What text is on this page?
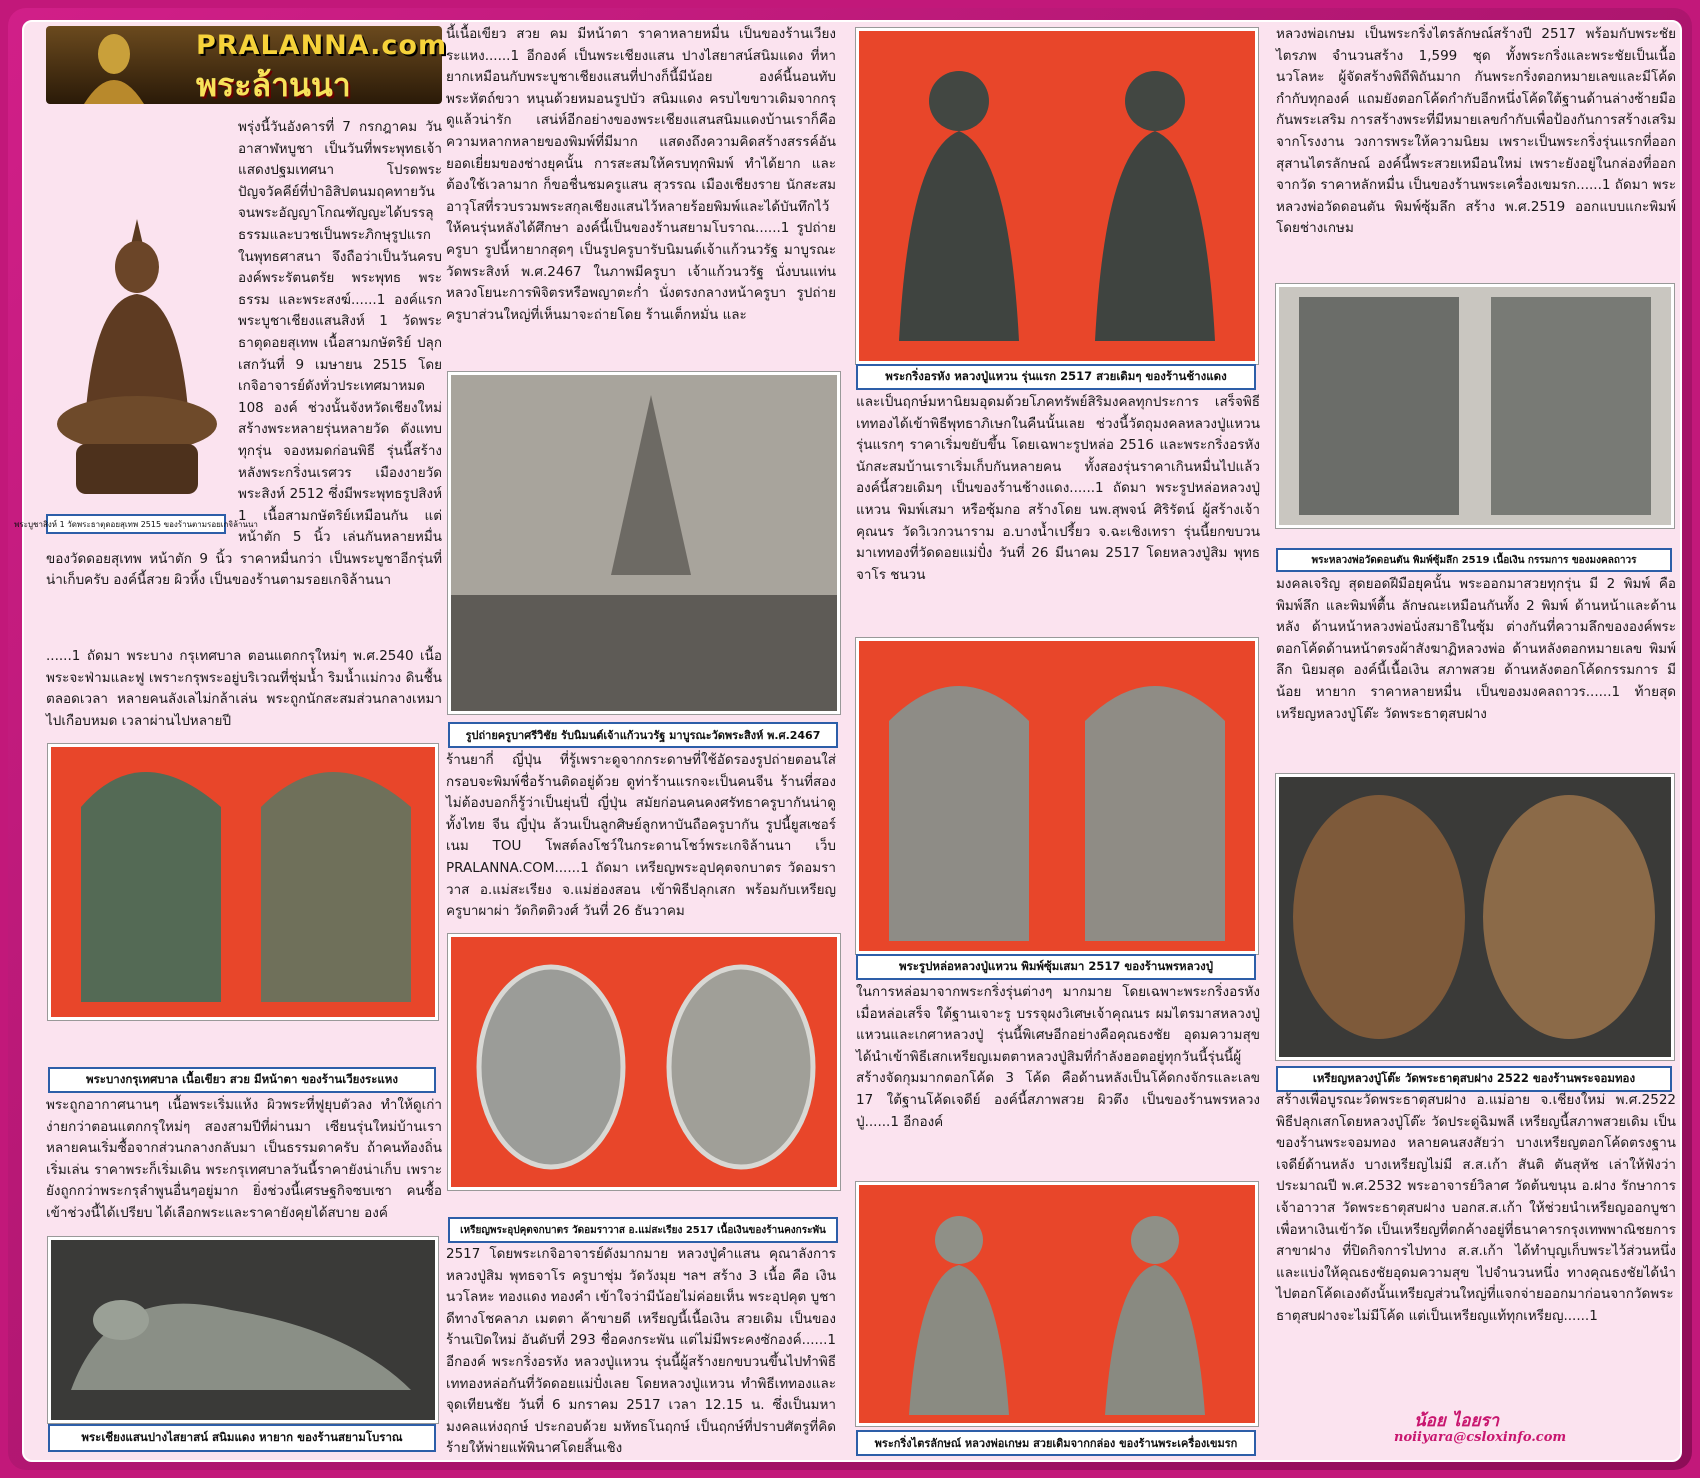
PRALANNA.com
พระล้านนา
พระบูชาสิงห์ 1 วัดพระธาตุดอยสุเทพ 2515 ของร้านตามรอยเกจิล้านนา

พรุ่งนี้วันอังคารที่ 7 กรกฎาคม วันอาสาฬหบูชา เป็นวันที่พระพุทธเจ้าแสดงปฐมเทศนา โปรดพระปัญจวัคคีย์ที่ป่าอิสิปตนมฤคทายวัน จนพระอัญญาโกณฑัญญะได้บรรลุธรรมและบวชเป็นพระภิกษุรูปแรกในพุทธศาสนา จึงถือว่าเป็นวันครบองค์พระรัตนตรัย พระพุทธ พระธรรม และพระสงฆ์......1 องค์แรก พระบูชาเชียงแสนสิงห์ 1 วัดพระธาตุดอยสุเทพ เนื้อสามกษัตริย์ ปลุกเสกวันที่ 9 เมษายน 2515 โดยเกจิอาจารย์ดังทั่วประเทศมาหมด 108 องค์ ช่วงนั้นจังหวัดเชียงใหม่สร้างพระหลายรุ่นหลายวัด ดังแทบทุกรุ่น จองหมดก่อนพิธี รุ่นนี้สร้างหลังพระกริ่งนเรศวร เมืองงายวัดพระสิงห์ 2512 ซึ่งมีพระพุทธรูปสิงห์ 1 เนื้อสามกษัตริย์เหมือนกัน แต่หน้าตัก 5 นิ้ว เล่นกันหลายหมื่น ของวัดดอยสุเทพ หน้าตัก 9 นิ้ว ราคาหมื่นกว่า เป็นพระบูชาอีกรุ่นที่น่าเก็บครับ องค์นี้สวย ผิวหิ้ง เป็นของร้านตามรอยเกจิล้านนา

......1 ถัดมา พระบาง กรุเทศบาล ตอนแตกกรุใหม่ๆ พ.ศ.2540 เนื้อพระจะฟ่ามและฟู เพราะกรุพระอยู่บริเวณที่ชุ่มน้ำ ริมน้ำแม่กวง ดินชื้นตลอดเวลา หลายคนลังเลไม่กล้าเล่น พระถูกนักสะสมส่วนกลางเหมาไปเกือบหมด เวลาผ่านไปหลายปี

พระบางกรุเทศบาล เนื้อเขียว สวย มีหน้าตา ของร้านเวียงระแหง

พระถูกอากาศนานๆ เนื้อพระเริ่มแห้ง ผิวพระที่ฟูยุบตัวลง ทำให้ดูเก่าง่ายกว่าตอนแตกกรุใหม่ๆ สองสามปีที่ผ่านมา เซียนรุ่นใหม่บ้านเราหลายคนเริ่มซื้อจากส่วนกลางกลับมา เป็นธรรมดาครับ ถ้าคนท้องถิ่นเริ่มเล่น ราคาพระก็เริ่มเดิน พระกรุเทศบาลวันนี้ราคายังน่าเก็บ เพราะยังถูกกว่าพระกรุลำพูนอื่นๆอยู่มาก ยิ่งช่วงนี้เศรษฐกิจซบเซา คนซื้อเข้าช่วงนี้ได้เปรียบ ได้เลือกพระและราคายังคุยได้สบาย องค์

พระเชียงแสนปางไสยาสน์ สนิมแดง หายาก ของร้านสยามโบราณ

นี้เนื้อเขียว สวย คม มีหน้าตา ราคาหลายหมื่น เป็นของร้านเวียงระแหง......1 อีกองค์ เป็นพระเชียงแสน ปางไสยาสน์สนิมแดง ที่หายากเหมือนกับพระบูชาเชียงแสนที่ปางก็นี้มีน้อย องค์นี้นอนทับพระหัตถ์ขวา หนุนด้วยหมอนรูปบัว สนิมแดง ครบไขขาวเดิมจากกรุ ดูแล้วน่ารัก เสน่ห์อีกอย่างของพระเชียงแสนสนิมแดงบ้านเราก็คือ ความหลากหลายของพิมพ์ที่มีมาก แสดงถึงความคิดสร้างสรรค์อันยอดเยี่ยมของช่างยุคนั้น การสะสมให้ครบทุกพิมพ์ ทำได้ยาก และต้องใช้เวลามาก ก็ขอชื่นชมครูแสน สุวรรณ เมืองเชียงราย นักสะสมอาวุโสที่รวบรวมพระสกุลเชียงแสนไว้หลายร้อยพิมพ์และได้บันทึกไว้ให้คนรุ่นหลังได้ศึกษา องค์นี้เป็นของร้านสยามโบราณ......1 รูปถ่ายครูบา รูปนี้หายากสุดๆ เป็นรูปครูบารับนิมนต์เจ้าแก้วนวรัฐ มาบูรณะวัดพระสิงห์ พ.ศ.2467 ในภาพมีครูบา เจ้าแก้วนวรัฐ นั่งบนแท่น หลวงโยนะการพิจิตรหรือพญาตะก่ำ นั่งตรงกลางหน้าครูบา รูปถ่ายครูบาส่วนใหญ่ที่เห็นมาจะถ่ายโดย ร้านเต็กหมั่น และ

รูปถ่ายครูบาศรีวิชัย รับนิมนต์เจ้าแก้วนวรัฐ มาบูรณะวัดพระสิงห์ พ.ศ.2467

ร้านยากี่ ญี่ปุ่น ที่รู้เพราะดูจากกระดาษที่ใช้อัดรองรูปถ่ายตอนใส่กรอบจะพิมพ์ชื่อร้านติดอยู่ด้วย ดูท่าร้านแรกจะเป็นคนจีน ร้านที่สองไม่ต้องบอกก็รู้ว่าเป็นยุ่นปี่ ญี่ปุ่น สมัยก่อนคนคงศรัทธาครูบากันน่าดู ทั้งไทย จีน ญี่ปุ่น ล้วนเป็นลูกศิษย์ลูกหาบันถือครูบากัน รูปนี้ยูสเซอร์เนม TOU โพสต์ลงโชว์ในกระดานโชว์พระเกจิล้านนา เว็บ PRALANNA.COM......1 ถัดมา เหรียญพระอุปคุตจกบาตร วัดอมราวาส อ.แม่สะเรียง จ.แม่ฮ่องสอน เข้าพิธีปลุกเสก พร้อมกับเหรียญครูบาผาผ่า วัดกิตติวงศ์ วันที่ 26 ธันวาคม

เหรียญพระอุปคุตจกบาตร วัดอมราวาส อ.แม่สะเรียง 2517 เนื้อเงินของร้านคงกระพัน

2517 โดยพระเกจิอาจารย์ดังมากมาย หลวงปู่คำแสน คุณาลังการ หลวงปู่สิม พุทธจาโร ครูบาชุ่ม วัดวังมุย ฯลฯ สร้าง 3 เนื้อ คือ เงิน นวโลหะ ทองแดง ทองคำ เข้าใจว่ามีน้อยไม่ค่อยเห็น พระอุปคุต บูชาดีทางโชคลาภ เมตตา ค้าขายดี เหรียญนี้เนื้อเงิน สวยเดิม เป็นของร้านเปิดใหม่ อันดับที่ 293 ชื่อคงกระพัน แต่ไม่มีพระคงซักองค์......1 อีกองค์ พระกริ่งอรหัง หลวงปู่แหวน รุ่นนี้ผู้สร้างยกขบวนขึ้นไปทำพิธีเททองหล่อกันที่วัดดอยแม่ปั๋งเลย โดยหลวงปู่แหวน ทำพิธีเททองและจุดเทียนชัย วันที่ 6 มกราคม 2517 เวลา 12.15 น. ซึ่งเป็นมหามงคลแห่งฤกษ์ ประกอบด้วย มหัทธโนฤกษ์ เป็นฤกษ์ที่ปราบศัตรูที่คิดร้ายให้พ่ายแพ้พินาศโดยสิ้นเชิง

พระกริ่งอรหัง หลวงปู่แหวน รุ่นแรก 2517 สวยเดิมๆ ของร้านช้างแดง

และเป็นฤกษ์มหานิยมอุดมด้วยโภคทรัพย์สิริมงคลทุกประการ เสร็จพิธีเททองได้เข้าพิธีพุทธาภิเษกในคืนนั้นเลย ช่วงนี้วัตถุมงคลหลวงปู่แหวนรุ่นแรกๆ ราคาเริ่มขยับขึ้น โดยเฉพาะรูปหล่อ 2516 และพระกริ่งอรหัง นักสะสมบ้านเราเริ่มเก็บกันหลายคน ทั้งสองรุ่นราคาเกินหมื่นไปแล้ว องค์นี้สวยเดิมๆ เป็นของร้านช้างแดง......1 ถัดมา พระรูปหล่อหลวงปู่แหวน พิมพ์เสมา หรือซุ้มกอ สร้างโดย นพ.สุพจน์ ศิริรัตน์ ผู้สร้างเจ้าคุณนร วัดวิเวกวนาราม อ.บางน้ำเปรี้ยว จ.ฉะเชิงเทรา รุ่นนี้ยกขบวนมาเททองที่วัดดอยแม่ปั๋ง วันที่ 26 มีนาคม 2517 โดยหลวงปู่สิม พุทธจาโร ชนวน

พระรูปหล่อหลวงปู่แหวน พิมพ์ซุ้มเสมา 2517 ของร้านพรหลวงปู่

ในการหล่อมาจากพระกริ่งรุ่นต่างๆ มากมาย โดยเฉพาะพระกริ่งอรหัง เมื่อหล่อเสร็จ ใต้ฐานเจาะรู บรรจุผงวิเศษเจ้าคุณนร ผมไตรมาสหลวงปู่แหวนและเกศาหลวงปู่ รุ่นนี้พิเศษอีกอย่างคือคุณธงชัย อุดมความสุข ได้นำเข้าพิธีเสกเหรียญเมตตาหลวงปู่สิมที่กำลังฮอตอยู่ทุกวันนี้รุ่นนี้ผู้สร้างจัดกุมมากตอกโค้ด 3 โค้ด คือด้านหลังเป็นโค้ดกงจักรและเลข 17 ใต้ฐานโค้ดเจดีย์ องค์นี้สภาพสวย ผิวตึง เป็นของร้านพรหลวงปู่......1 อีกองค์

พระกริ่งไตรลักษณ์ หลวงพ่อเกษม สวยเดิมจากกล่อง ของร้านพระเครื่องเขมรก

หลวงพ่อเกษม เป็นพระกริ่งไตรลักษณ์สร้างปี 2517 พร้อมกับพระชัยไตรภพ จำนวนสร้าง 1,599 ชุด ทั้งพระกริ่งและพระชัยเป็นเนื้อนวโลหะ ผู้จัดสร้างพิถีพิถันมาก กันพระกริ่งตอกหมายเลขและมีโค้ดกำกับทุกองค์ แถมยังตอกโค้ดกำกับอีกหนึ่งโค้ดใต้ฐานด้านล่างซ้ายมือ กันพระเสริม การสร้างพระที่มีหมายเลขกำกับเพื่อป้องกันการสร้างเสริมจากโรงงาน วงการพระให้ความนิยม เพราะเป็นพระกริ่งรุ่นแรกที่ออกสุสานไตรลักษณ์ องค์นี้พระสวยเหมือนใหม่ เพราะยังอยู่ในกล่องที่ออกจากวัด ราคาหลักหมื่น เป็นของร้านพระเครื่องเขมรก......1 ถัดมา พระหลวงพ่อวัดดอนตัน พิมพ์ซุ้มลึก สร้าง พ.ศ.2519 ออกแบบแกะพิมพ์ โดยช่างเกษม

พระหลวงพ่อวัดดอนตัน พิมพ์ซุ้มลึก 2519 เนื้อเงิน กรรมการ ของมงคลถาวร

มงคลเจริญ สุดยอดฝีมือยุคนั้น พระออกมาสวยทุกรุ่น มี 2 พิมพ์ คือ พิมพ์ลึก และพิมพ์ตื้น ลักษณะเหมือนกันทั้ง 2 พิมพ์ ด้านหน้าและด้านหลัง ด้านหน้าหลวงพ่อนั่งสมาธิในซุ้ม ต่างกันที่ความลึกขององค์พระ ตอกโค้ดด้านหน้าตรงผ้าสังฆาฏิหลวงพ่อ ด้านหลังตอกหมายเลข พิมพ์ลึก นิยมสุด องค์นี้เนื้อเงิน สภาพสวย ด้านหลังตอกโค้ดกรรมการ มีน้อย หายาก ราคาหลายหมื่น เป็นของมงคลถาวร......1 ท้ายสุด เหรียญหลวงปู่โต๊ะ วัดพระธาตุสบฝาง

เหรียญหลวงปู่โต๊ะ วัดพระธาตุสบฝาง 2522 ของร้านพระจอมทอง

สร้างเพื่อบูรณะวัดพระธาตุสบฝาง อ.แม่อาย จ.เชียงใหม่ พ.ศ.2522 พิธีปลุกเสกโดยหลวงปู่โต๊ะ วัดประดู่ฉิมพลี เหรียญนี้สภาพสวยเดิม เป็นของร้านพระจอมทอง หลายคนสงสัยว่า บางเหรียญตอกโค้ดตรงฐานเจดีย์ด้านหลัง บางเหรียญไม่มี ส.ส.เก้า สันติ ตันสุหัช เล่าให้ฟังว่า ประมาณปี พ.ศ.2532 พระอาจารย์วิลาศ วัดต้นขนุน อ.ฝาง รักษาการเจ้าอาวาส วัดพระธาตุสบฝาง บอกส.ส.เก้า ให้ช่วยนำเหรียญออกบูชา เพื่อหาเงินเข้าวัด เป็นเหรียญที่ตกค้างอยู่ที่ธนาคารกรุงเทพพาณิชยการ สาขาฝาง ที่ปิดกิจการไปทาง ส.ส.เก้า ได้ทำบุญเก็บพระไว้ส่วนหนึ่งและแบ่งให้คุณธงชัยอุดมความสุข ไปจำนวนหนึ่ง ทางคุณธงชัยได้นำไปตอกโค้ดเองดังนั้นเหรียญส่วนใหญ่ที่แจกจ่ายออกมาก่อนจากวัดพระธาตุสบฝางจะไม่มีโค้ด แต่เป็นเหรียญแท้ทุกเหรียญ......1

น้อย ไอยรา
noiiyara@csloxinfo.com
